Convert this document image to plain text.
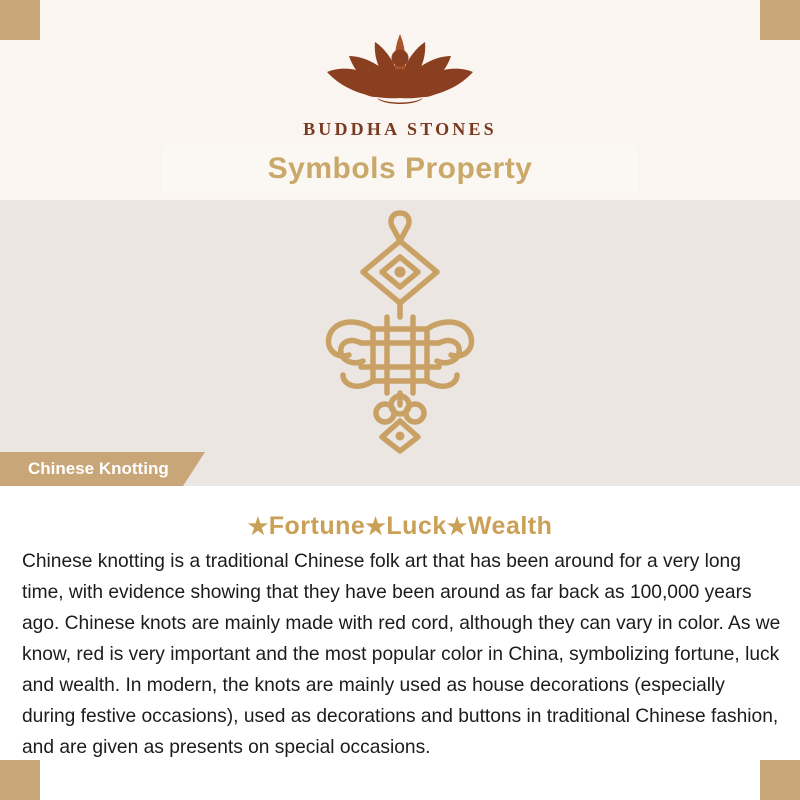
BUDDHA STONES
Symbols Property
Chinese Knotting
★Fortune★Luck★Wealth
Chinese knotting is a traditional Chinese folk art that has been around for a very long time, with evidence showing that they have been around as far back as 100,000 years ago. Chinese knots are mainly made with red cord, although they can vary in color. As we know, red is very important and the most popular color in China, symbolizing fortune, luck and wealth. In modern, the knots are mainly used as house decorations (especially during festive occasions), used as decorations and buttons in traditional Chinese fashion, and are given as presents on special occasions.
